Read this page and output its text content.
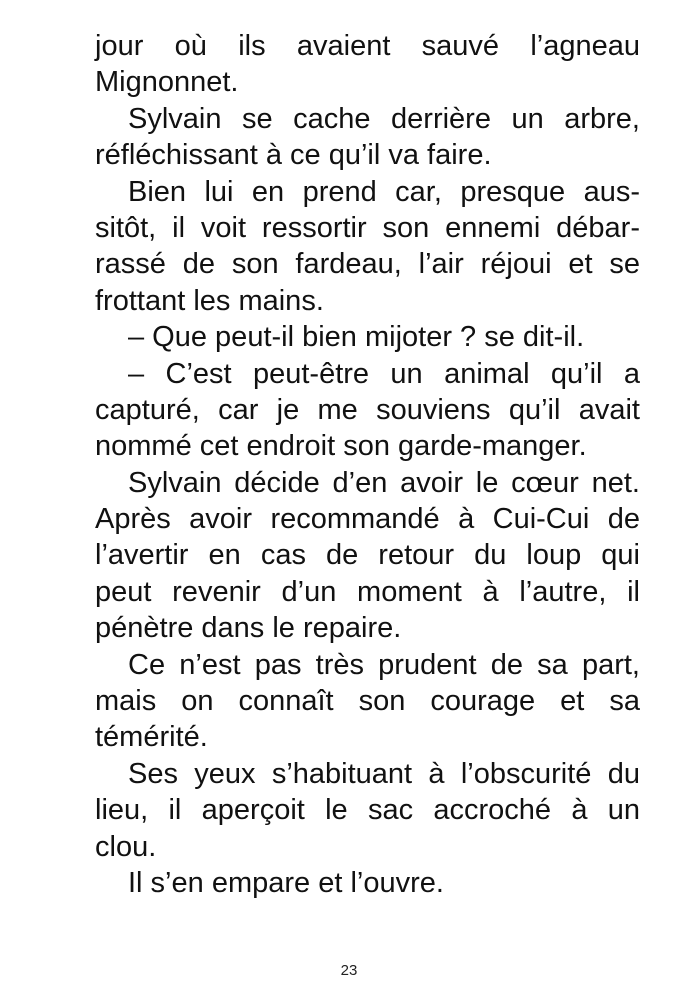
jour où ils avaient sauvé l’agneau
Mignonnet.

Sylvain se cache derrière un arbre,
réfléchissant à ce qu’il va faire.

Bien lui en prend car, presque aus-
sitôt, il voit ressortir son ennemi débar-
rassé de son fardeau, l’air réjoui et se
frottant les mains.

– Que peut-il bien mijoter ? se dit-il.

– C’est peut-être un animal qu’il a
capturé, car je me souviens qu’il avait
nommé cet endroit son garde-manger.

Sylvain décide d’en avoir le cœur net.
Après avoir recommandé à Cui-Cui de
l’avertir en cas de retour du loup qui
peut revenir d’un moment à l’autre, il
pénètre dans le repaire.

Ce n’est pas très prudent de sa part,
mais on connaît son courage et sa
témérité.

Ses yeux s’habituant à l’obscurité du
lieu, il aperçoit le sac accroché à un
clou.

Il s’en empare et l’ouvre.

23
